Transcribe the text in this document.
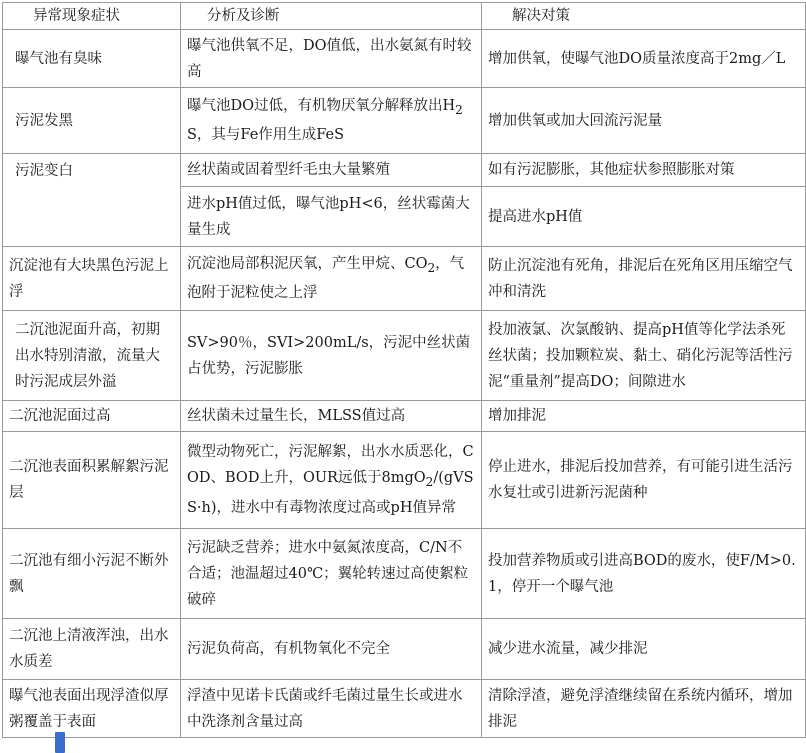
异常现象症状	分析及诊断	解决对策
曝气池有臭味	曝气池供氧不足，DO值低，出水氨氮有时较高	增加供氧，使曝气池DO质量浓度高于2mg／L
污泥发黑	曝气池DO过低，有机物厌氧分解释放出$H_2S$，其与Fe作用生成FeS	增加供氧或加大回流污泥量
污泥变白	丝状菌或固着型纤毛虫大量繁殖	如有污泥膨胀，其他症状参照膨胀对策
	进水pH值过低，曝气池pH<6，丝状霉菌大量生成	提高进水pH值
沉淀池有大块黑色污泥上浮	沉淀池局部积泥厌氧，产生甲烷、$CO_2$，气泡附于泥粒使之上浮	防止沉淀池有死角，排泥后在死角区用压缩空气冲和清洗
二沉池泥面升高，初期出水特别清澈，流量大时污泥成层外溢	SV>90％，SVI>200mL/s，污泥中丝状菌占优势，污泥膨胀	投加液氯、次氯酸钠、提高pH值等化学法杀死丝状菌；投加颗粒炭、黏土、硝化污泥等活性污泥“重量剂”提高DO；间隙进水
二沉池泥面过高	丝状菌未过量生长，MLSS值过高	增加排泥
二沉池表面积累解絮污泥层	微型动物死亡，污泥解絮，出水水质恶化，COD、BOD上升，OUR远低于8mgO$_2$/(gVSS·h)，进水中有毒物浓度过高或pH值异常	停止进水，排泥后投加营养，有可能引进生活污水复壮或引进新污泥菌种
二沉池有细小污泥不断外飘	污泥缺乏营养；进水中氨氮浓度高，C/N不合适；池温超过40℃；翼轮转速过高使絮粒破碎	投加营养物质或引进高BOD的废水，使F/M>0.1，停开一个曝气池
二沉池上清液浑浊，出水水质差	污泥负荷高，有机物氧化不完全	减少进水流量，减少排泥
曝气池表面出现浮渣似厚粥覆盖于表面	浮渣中见诺卡氏菌或纤毛菌过量生长或进水中洗涤剂含量过高	清除浮渣，避免浮渣继续留在系统内循环，增加排泥
